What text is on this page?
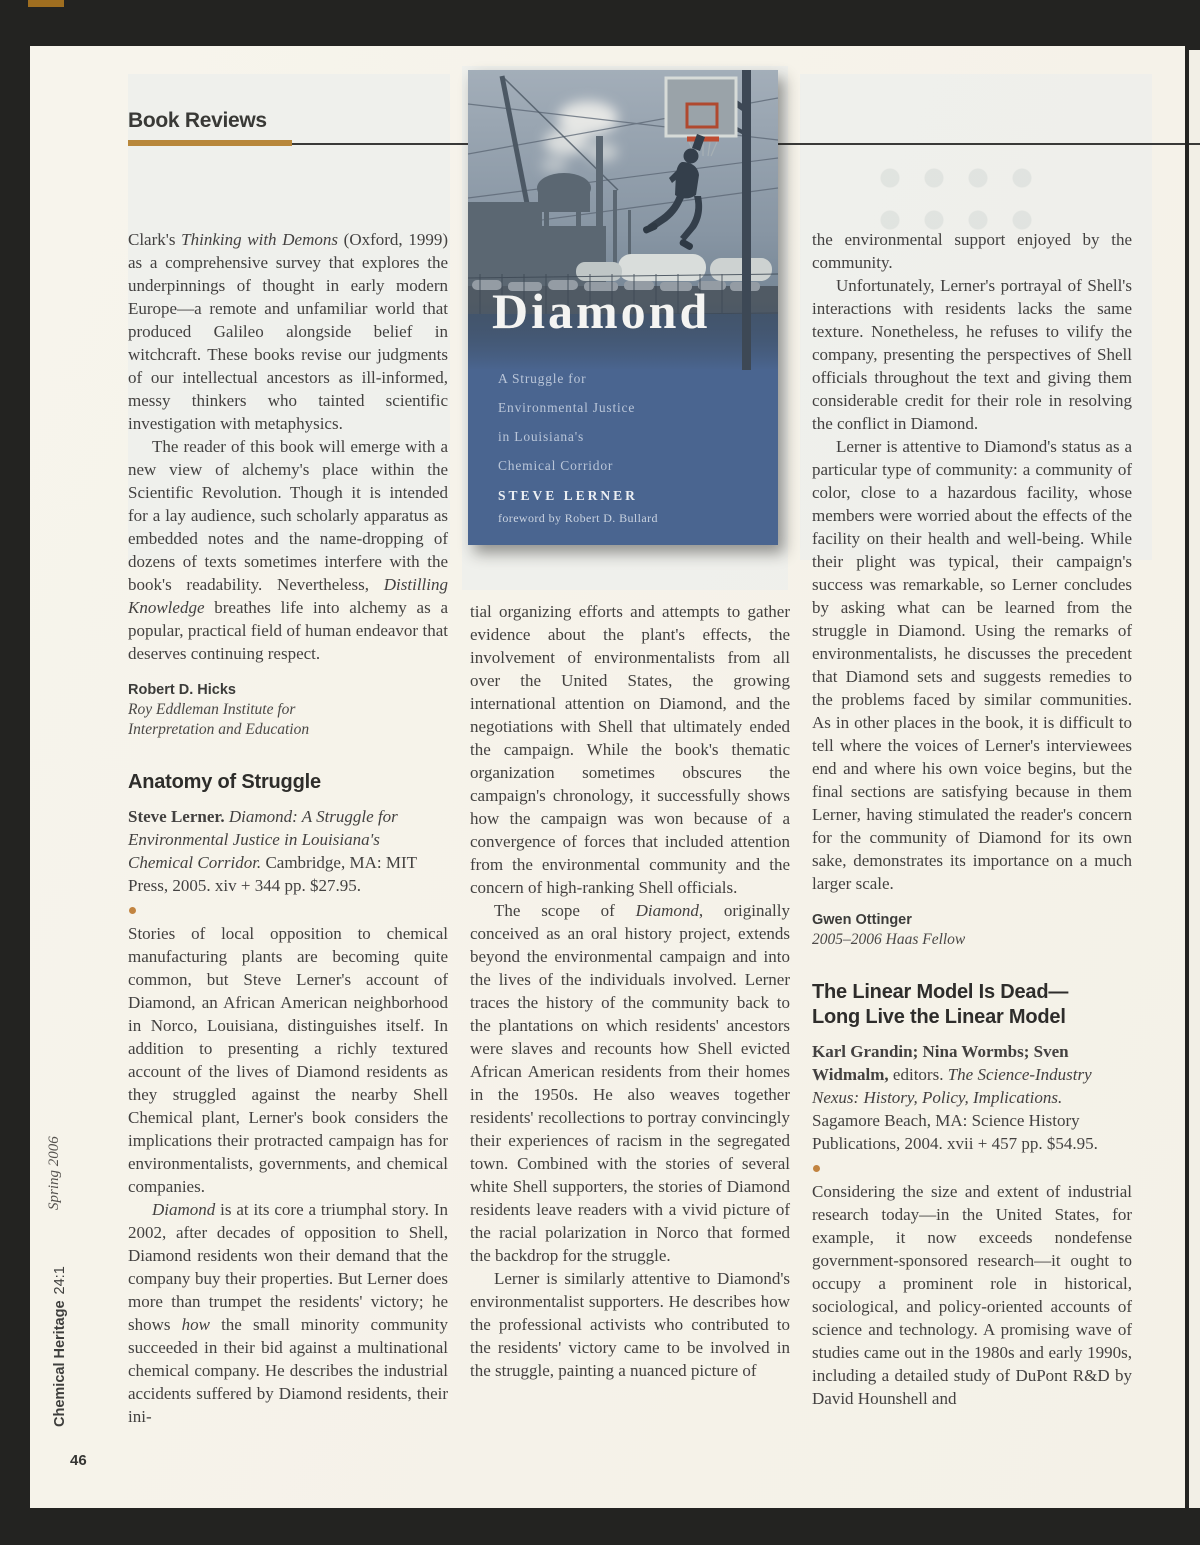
Book Reviews

Clark's Thinking with Demons (Oxford, 1999) as a comprehensive survey that explores the underpinnings of thought in early modern Europe—a remote and unfamiliar world that produced Galileo alongside belief in witchcraft. These books revise our judgments of our intellectual ancestors as ill-informed, messy thinkers who tainted scientific investigation with metaphysics.

The reader of this book will emerge with a new view of alchemy's place within the Scientific Revolution. Though it is intended for a lay audience, such scholarly apparatus as embedded notes and the name-dropping of dozens of texts sometimes interfere with the book's readability. Nevertheless, Distilling Knowledge breathes life into alchemy as a popular, practical field of human endeavor that deserves continuing respect.

Robert D. Hicks
Roy Eddleman Institute for
Interpretation and Education
Anatomy of Struggle

Steve Lerner. Diamond: A Struggle for Environmental Justice in Louisiana's Chemical Corridor. Cambridge, MA: MIT Press, 2005. xiv + 344 pp. $27.95.

Stories of local opposition to chemical manufacturing plants are becoming quite common, but Steve Lerner's account of Diamond, an African American neighborhood in Norco, Louisiana, distinguishes itself. In addition to presenting a richly textured account of the lives of Diamond residents as they struggled against the nearby Shell Chemical plant, Lerner's book considers the implications their protracted campaign has for environmentalists, governments, and chemical companies.

Diamond is at its core a triumphal story. In 2002, after decades of opposition to Shell, Diamond residents won their demand that the company buy their properties. But Lerner does more than trumpet the residents' victory; he shows how the small minority community succeeded in their bid against a multinational chemical company. He describes the industrial accidents suffered by Diamond residents, their ini-

tial organizing efforts and attempts to gather evidence about the plant's effects, the involvement of environmentalists from all over the United States, the growing international attention on Diamond, and the negotiations with Shell that ultimately ended the campaign. While the book's thematic organization sometimes obscures the campaign's chronology, it successfully shows how the campaign was won because of a convergence of forces that included attention from the environmental community and the concern of high-ranking Shell officials.

The scope of Diamond, originally conceived as an oral history project, extends beyond the environmental campaign and into the lives of the individuals involved. Lerner traces the history of the community back to the plantations on which residents' ancestors were slaves and recounts how Shell evicted African American residents from their homes in the 1950s. He also weaves together residents' recollections to portray convincingly their experiences of racism in the segregated town. Combined with the stories of several white Shell supporters, the stories of Diamond residents leave readers with a vivid picture of the racial polarization in Norco that formed the backdrop for the struggle.

Lerner is similarly attentive to Diamond's environmentalist supporters. He describes how the professional activists who contributed to the residents' victory came to be involved in the struggle, painting a nuanced picture of

the environmental support enjoyed by the community.

Unfortunately, Lerner's portrayal of Shell's interactions with residents lacks the same texture. Nonetheless, he refuses to vilify the company, presenting the perspectives of Shell officials throughout the text and giving them considerable credit for their role in resolving the conflict in Diamond.

Lerner is attentive to Diamond's status as a particular type of community: a community of color, close to a hazardous facility, whose members were worried about the effects of the facility on their health and well-being. While their plight was typical, their campaign's success was remarkable, so Lerner concludes by asking what can be learned from the struggle in Diamond. Using the remarks of environmentalists, he discusses the precedent that Diamond sets and suggests remedies to the problems faced by similar communities. As in other places in the book, it is difficult to tell where the voices of Lerner's interviewees end and where his own voice begins, but the final sections are satisfying because in them Lerner, having stimulated the reader's concern for the community of Diamond for its own sake, demonstrates its importance on a much larger scale.

Gwen Ottinger
2005–2006 Haas Fellow
The Linear Model Is Dead—
Long Live the Linear Model

Karl Grandin; Nina Wormbs; Sven Widmalm, editors. The Science-Industry Nexus: History, Policy, Implications. Sagamore Beach, MA: Science History Publications, 2004. xvii + 457 pp. $54.95.

Considering the size and extent of industrial research today—in the United States, for example, it now exceeds nondefense government-sponsored research—it ought to occupy a prominent role in historical, sociological, and policy-oriented accounts of science and technology. A promising wave of studies came out in the 1980s and early 1990s, including a detailed study of DuPont R&D by David Hounshell and

Diamond
A Struggle for
Environmental Justice
in Louisiana's
Chemical Corridor
STEVE LERNER
foreword by Robert D. Bullard
Spring 2006
Chemical Heritage24:1
46
